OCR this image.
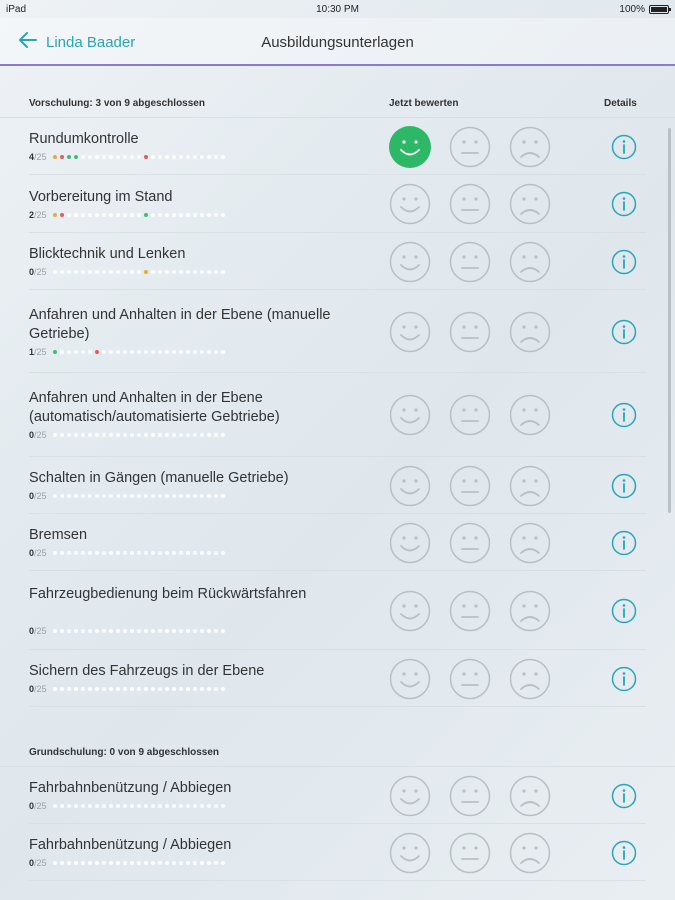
iPad	10:30 PM	100%
Linda Baader	Ausbildungsunterlagen
Vorschulung: 3 von 9 abgeschlossen	Jetzt bewerten	Details
Rundumkontrolle
4/25
Vorbereitung im Stand
2/25
Blicktechnik und Lenken
0/25
Anfahren und Anhalten in der Ebene (manuelle Getriebe)
1/25
Anfahren und Anhalten in der Ebene (automatisch/automatisierte Gebtriebe)
0/25
Schalten in Gängen (manuelle Getriebe)
0/25
Bremsen
0/25
Fahrzeugbedienung beim Rückwärtsfahren
0/25
Sichern des Fahrzeugs in der Ebene
0/25
Grundschulung: 0 von 9 abgeschlossen
Fahrbahnbenützung / Abbiegen
0/25
Fahrbahnbenützung / Abbiegen
0/25
